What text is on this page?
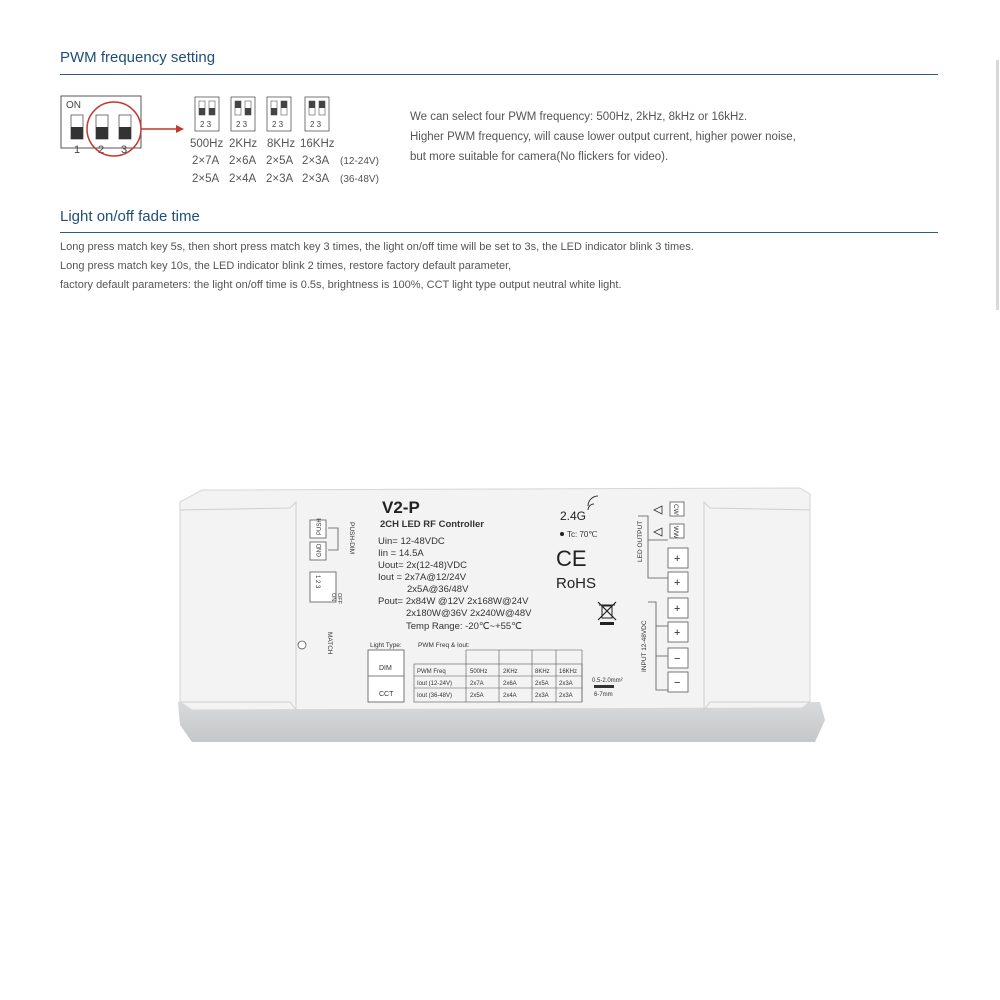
PWM frequency setting
ON
1 2 3
2 3	2 3	2 3	2 3
500Hz 2KHz 8KHz 16KHz
2×7A 2×6A 2×5A 2×3A (12-24V)
2×5A 2×4A 2×3A 2×3A (36-48V)
We can select four PWM frequency: 500Hz, 2kHz, 8kHz or 16kHz.
Higher PWM frequency, will cause lower output current, higher power noise,
but more suitable for camera(No flickers for video).
Light on/off fade time
Long press match key 5s, then short press match key 3 times, the light on/off time will be set to 3s, the LED indicator blink 3 times.
Long press match key 10s, the LED indicator blink 2 times, restore factory default parameter,
factory default parameters: the light on/off time is 0.5s, brightness is 100%, CCT light type output neutral white light.
V2-P
2CH LED RF Controller
Uin= 12-48VDC
Iin = 14.5A
Uout= 2x(12-48)VDC
Iout = 2x7A@12/24V
2x5A@36/48V
Pout= 2x84W @12V 2x168W@24V
2x180W@36V 2x240W@48V
Temp Range: -20℃~+55℃
2.4G
Tc: 70℃
CE
RoHS
PUSH
GND	PUSH-DIM
1 2 3
ON OFF
MATCH	Light Type:
DIM
CCT
PWM Freq & Iout:
PWM Freq	500Hz	2KHz	8KHz 16KHz
Iout (12-24V)	2x7A	2x6A	2x5A 2x3A
Iout (36-48V)	2x5A	2x4A	2x3A 2x3A
0.5-2.0mm²
6-7mm
LED OUTPUT
INPUT 12-48VDC
CW
WW
+
+
+
+
−
−
